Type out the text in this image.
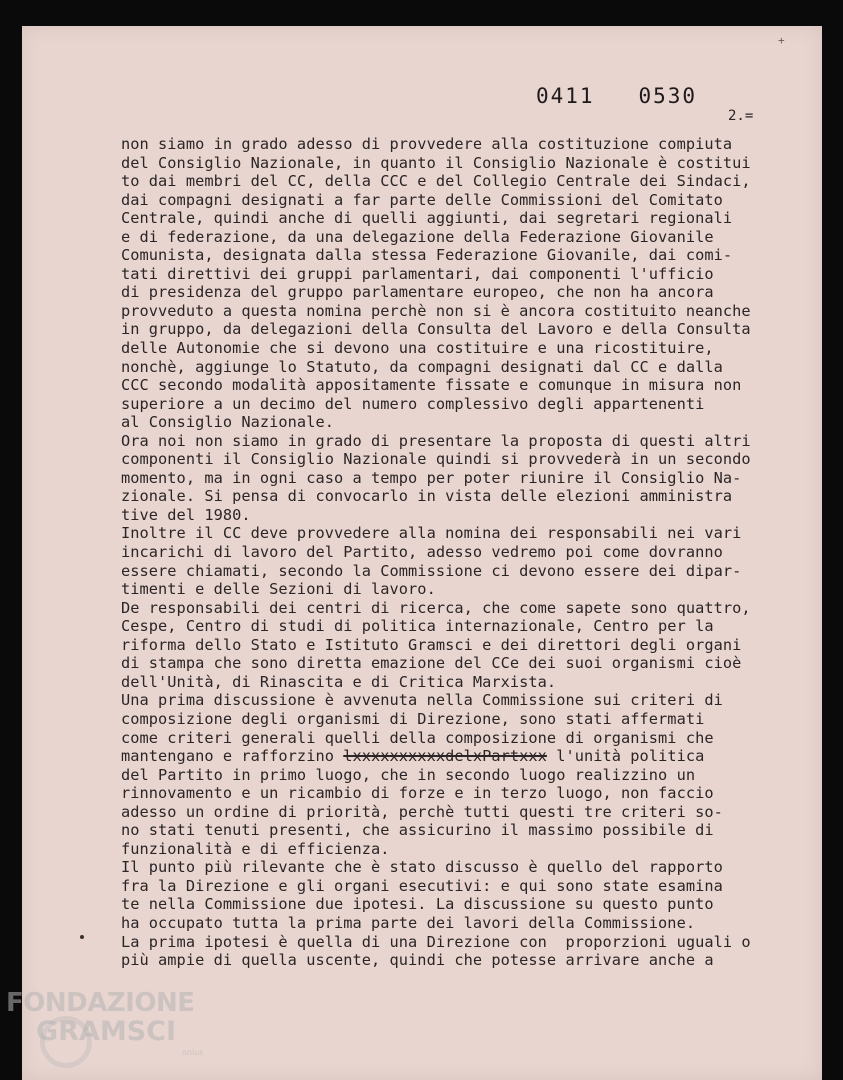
+
0411   0530
2.=
non siamo in grado adesso di provvedere alla costituzione compiuta
del Consiglio Nazionale, in quanto il Consiglio Nazionale è costitui
to dai membri del CC, della CCC e del Collegio Centrale dei Sindaci,
dai compagni designati a far parte delle Commissioni del Comitato
Centrale, quindi anche di quelli aggiunti, dai segretari regionali
e di federazione, da una delegazione della Federazione Giovanile
Comunista, designata dalla stessa Federazione Giovanile, dai comi-
tati direttivi dei gruppi parlamentari, dai componenti l'ufficio
di presidenza del gruppo parlamentare europeo, che non ha ancora
provveduto a questa nomina perchè non si è ancora costituito neanche
in gruppo, da delegazioni della Consulta del Lavoro e della Consulta
delle Autonomie che si devono una costituire e una ricostituire,
nonchè, aggiunge lo Statuto, da compagni designati dal CC e dalla
CCC secondo modalità appositamente fissate e comunque in misura non
superiore a un decimo del numero complessivo degli appartenenti
al Consiglio Nazionale.
Ora noi non siamo in grado di presentare la proposta di questi altri
componenti il Consiglio Nazionale quindi si provvederà in un secondo
momento, ma in ogni caso a tempo per poter riunire il Consiglio Na-
zionale. Si pensa di convocarlo in vista delle elezioni amministra
tive del 1980.
Inoltre il CC deve provvedere alla nomina dei responsabili nei vari
incarichi di lavoro del Partito, adesso vedremo poi come dovranno
essere chiamati, secondo la Commissione ci devono essere dei dipar-
timenti e delle Sezioni di lavoro.
De responsabili dei centri di ricerca, che come sapete sono quattro,
Cespe, Centro di studi di politica internazionale, Centro per la
riforma dello Stato e Istituto Gramsci e dei direttori degli organi
di stampa che sono diretta emazione del CCe dei suoi organismi cioè
dell'Unità, di Rinascita e di Critica Marxista.
Una prima discussione è avvenuta nella Commissione sui criteri di
composizione degli organismi di Direzione, sono stati affermati
come criteri generali quelli della composizione di organismi che
mantengano e rafforzino lxxxxxxxxxxdelxPartxxx l'unità politica
del Partito in primo luogo, che in secondo luogo realizzino un
rinnovamento e un ricambio di forze e in terzo luogo, non faccio
adesso un ordine di priorità, perchè tutti questi tre criteri so-
no stati tenuti presenti, che assicurino il massimo possibile di
funzionalità e di efficienza.
Il punto più rilevante che è stato discusso è quello del rapporto
fra la Direzione e gli organi esecutivi: e qui sono state esamina
te nella Commissione due ipotesi. La discussione su questo punto
ha occupato tutta la prima parte dei lavori della Commissione.
La prima ipotesi è quella di una Direzione con  proporzioni uguali o
più ampie di quella uscente, quindi che potesse arrivare anche a
FONDAZIONE
GRAMSCI
onlus
